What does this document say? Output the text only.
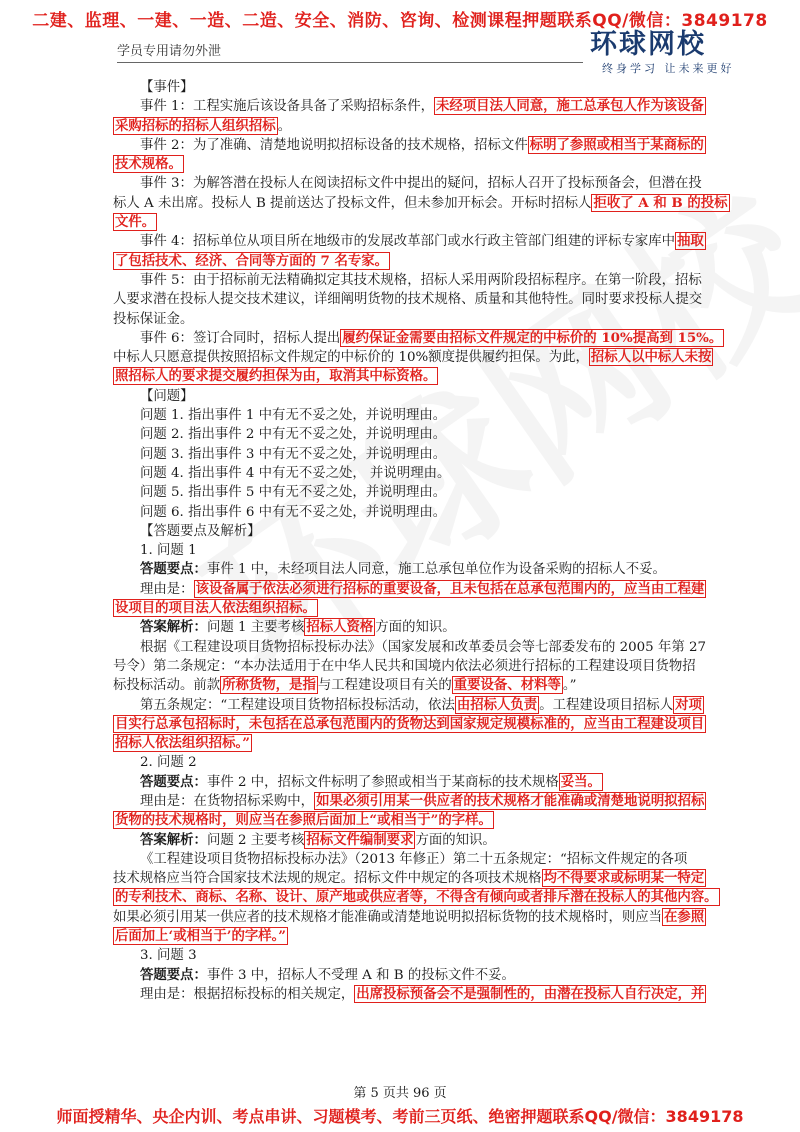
二建、监理、一建、一造、二造、安全、消防、咨询、检测课程押题联系QQ/微信：3849178
学员专用请勿外泄	环球网校
终身学习 让未来更好
【事件】
事件 1：工程实施后该设备具备了采购招标条件， 未经项目法人同意，施工总承包人作为该设备
采购招标的招标人组织招标 。
事件 2：为了准确、清楚地说明拟招标设备的技术规格，招标文件 标明了参照或相当于某商标的
技术规格。
事件 3：为解答潜在投标人在阅读招标文件中提出的疑问，招标人召开了投标预备会，但潜在投
标人 A 未出席。投标人 B 提前送达了投标文件，但未参加开标会。开标时招标人 拒收了 A 和 B 的投标
文件。
事件 4：招标单位从项目所在地级市的发展改革部门或水行政主管部门组建的评标专家库中 抽取
了包括技术、经济、合同等方面的 7 名专家。
事件 5：由于招标前无法精确拟定其技术规格，招标人采用两阶段招标程序。在第一阶段，招标
人要求潜在投标人提交技术建议，详细阐明货物的技术规格、质量和其他特性。同时要求投标人提交
投标保证金。
事件 6：签订合同时，招标人提出 履约保证金需要由招标文件规定的中标价的 10%提高到 15%。
中标人只愿意提供按照招标文件规定的中标价的 10%额度提供履约担保。为此， 招标人以中标人未按
照招标人的要求提交履约担保为由，取消其中标资格。
【问题】
问题 1. 指出事件 1 中有无不妥之处，并说明理由。
问题 2. 指出事件 2 中有无不妥之处，并说明理由。
问题 3. 指出事件 3 中有无不妥之处，并说明理由。
问题 4. 指出事件 4 中有无不妥之处， 并说明理由。
问题 5. 指出事件 5 中有无不妥之处，并说明理由。
问题 6. 指出事件 6 中有无不妥之处，并说明理由。
【答题要点及解析】
1. 问题 1
答题要点：事件 1 中，未经项目法人同意，施工总承包单位作为设备采购的招标人不妥。
理由是： 该设备属于依法必须进行招标的重要设备，且未包括在总承包范围内的，应当由工程建
设项目的项目法人依法组织招标。
答案解析：问题 1 主要考核 招标人资格 方面的知识。
根据《工程建设项目货物招标投标办法》（国家发展和改革委员会等七部委发布的 2005 年第 27
号令）第二条规定：“本办法适用于在中华人民共和国境内依法必须进行招标的工程建设项目货物招
标投标活动。前款 所称货物，是指 与工程建设项目有关的 重要设备、材料等 。”
第五条规定：“工程建设项目货物招标投标活动，依法 由招标人负责 。工程建设项目招标人 对项
目实行总承包招标时，未包括在总承包范围内的货物达到国家规定规模标准的，应当由工程建设项目
招标人依法组织招标。”
2. 问题 2
答题要点：事件 2 中，招标文件标明了参照或相当于某商标的技术规格 妥当。
理由是：在货物招标采购中， 如果必须引用某一供应者的技术规格才能准确或清楚地说明拟招标
货物的技术规格时，则应当在参照后面加上“或相当于”的字样。
答案解析：问题 2 主要考核 招标文件编制要求 方面的知识。
《工程建设项目货物招标投标办法》（2013 年修正）第二十五条规定：“招标文件规定的各项
技术规格应当符合国家技术法规的规定。招标文件中规定的各项技术规格 均不得要求或标明某一特定
的专利技术、商标、名称、设计、原产地或供应者等，不得含有倾向或者排斥潜在投标人的其他内容。
如果必须引用某一供应者的技术规格才能准确或清楚地说明拟招标货物的技术规格时，则应当 在参照
后面加上‘或相当于’的字样。”
3. 问题 3
答题要点：事件 3 中，招标人不受理 A 和 B 的投标文件不妥。
理由是：根据招标投标的相关规定， 出席投标预备会不是强制性的，由潜在投标人自行决定，并
第 5 页共 96 页
师面授精华、央企内训、考点串讲、习题模考、考前三页纸、绝密押题联系QQ/微信：3849178
